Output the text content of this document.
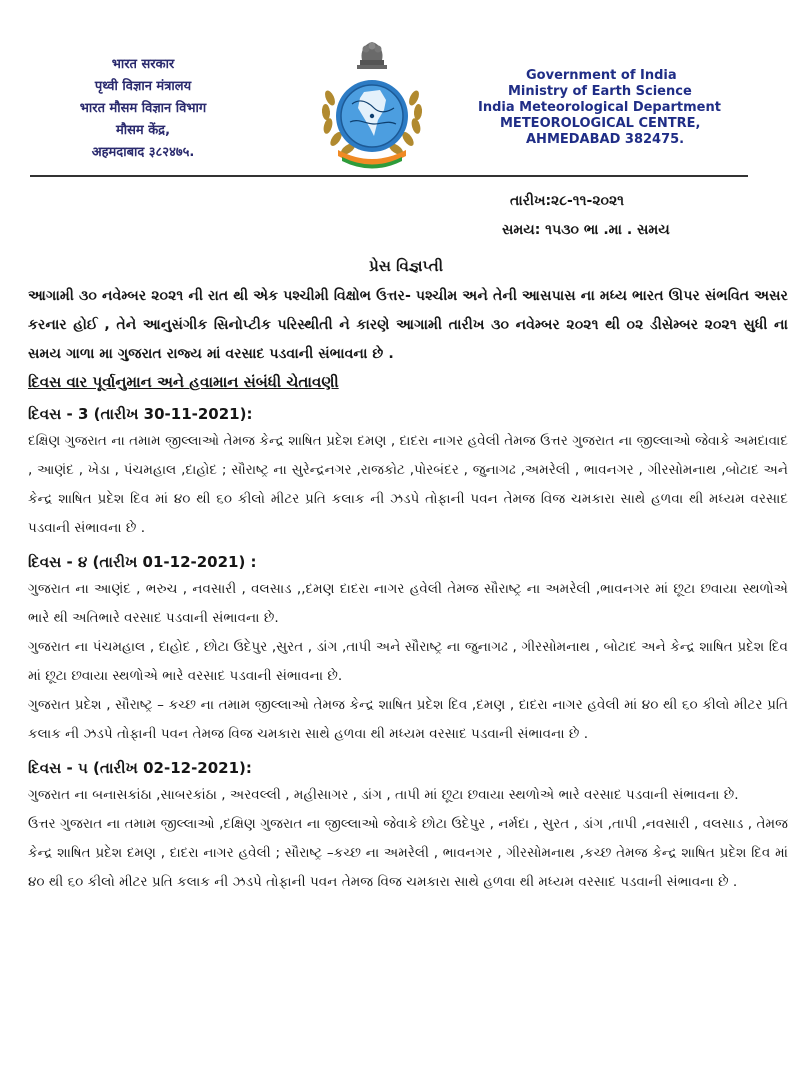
भारत सरकार
पृथ्वी विज्ञान मंत्रालय
भारत मौसम विज्ञान विभाग
मौसम केंद्र,
अहमदाबाद ३८२४७५.
Government of India
Ministry of Earth Science
India Meteorological Department
METEOROLOGICAL CENTRE,
AHMEDABAD 382475.
તારીખ:૨૮-૧૧-૨૦૨૧
સમય: ૧૫૩૦ ભા .મા . સમય
પ્રેસ વિજ્ઞપ્તી

આગામી ૩૦ નવેમ્બર ૨૦૨૧ ની રાત થી એક પશ્ચીમી વિક્ષોભ ઉત્તર- પશ્ચીમ અને તેની આસપાસ ના મધ્ય ભારત ઊપર સંભવિત અસર કરનાર હોઈ , તેને આનુસંગીક સિનોપ્ટીક પરિસ્થીતી ને કારણે આગામી તારીખ ૩૦ નવેમ્બર ૨૦૨૧ થી ૦૨ ડીસેમ્બર ૨૦૨૧ સુધી ના સમય ગાળા મા ગુજરાત રાજ્ય માં વરસાદ પડવાની સંભાવના છે .

દિવસ વાર પૂર્વાનુમાન અને હવામાન સંબંધી ચેતાવણી

દિવસ - 3 (તારીખ 30-11-2021):

દક્ષિણ ગુજરાત ના તમામ જીલ્લાઓ તેમજ કેન્દ્ર શાષિત પ્રદેશ દમણ , દાદરા નાગર હવેલી તેમજ ઉત્તર ગુજરાત ના જીલ્લાઓ જેવાકે અમદાવાદ , આણંદ , ખેડા , પંચમહાલ ,દાહોદ ; સૌરાષ્ટ્ર ના સુરેન્દ્રનગર ,રાજકોટ ,પોરબંદર , જુનાગઢ ,અમરેલી , ભાવનગર , ગીરસોમનાથ ,બોટાદ અને કેન્દ્ર શાષિત પ્રદેશ દિવ માં ૪૦ થી ૬૦ કીલો મીટર પ્રતિ કલાક ની ઝડપે તોફાની પવન તેમજ વિજ ચમકારા સાથે હળવા થી મધ્યમ વરસાદ પડવાની સંભાવના છે .

દિવસ - ૪ (તારીખ 01-12-2021) :

ગુજરાત ના આણંદ , ભરુચ , નવસારી , વલસાડ ,,દમણ દાદરા નાગર હવેલી તેમજ સૌરાષ્ટ્ર ના અમરેલી ,ભાવનગર માં છૂટા છવાયા સ્થળોએ ભારે થી અતિભારે વરસાદ પડવાની સંભાવના છે.

ગુજરાત ના પંચમહાલ , દાહોદ , છોટા ઉદેપુર ,સુરત , ડાંગ ,તાપી અને સૌરાષ્ટ્ર ના જુનાગઢ , ગીરસોમનાથ , બોટાદ અને કેન્દ્ર શાષિત પ્રદેશ દિવ માં છૂટા છવાયા સ્થળોએ ભારે વરસાદ પડવાની સંભાવના છે.

ગુજરાત પ્રદેશ , સૌરાષ્ટ્ર – કચ્છ ના તમામ જીલ્લાઓ તેમજ કેન્દ્ર શાષિત પ્રદેશ દિવ ,દમણ , દાદરા નાગર હવેલી માં ૪૦ થી ૬૦ કીલો મીટર પ્રતિ કલાક ની ઝડપે તોફાની પવન તેમજ વિજ ચમકારા સાથે હળવા થી મધ્યમ વરસાદ પડવાની સંભાવના છે .

દિવસ - ૫ (તારીખ 02-12-2021):

ગુજરાત ના બનાસકાંઠા ,સાબરકાંઠા , અરવલ્લી , મહીસાગર , ડાંગ , તાપી માં છૂટા છવાયા સ્થળોએ ભારે વરસાદ પડવાની સંભાવના છે.

ઉત્તર ગુજરાત ના તમામ જીલ્લાઓ ,દક્ષિણ ગુજરાત ના જીલ્લાઓ જેવાકે છોટા ઉદેપુર , નર્મદા , સુરત , ડાંગ ,તાપી ,નવસારી , વલસાડ , તેમજ કેન્દ્ર શાષિત પ્રદેશ દમણ , દાદરા નાગર હવેલી ; સૌરાષ્ટ્ર –કચ્છ ના અમરેલી , ભાવનગર , ગીરસોમનાથ ,કચ્છ તેમજ કેન્દ્ર શાષિત પ્રદેશ દિવ માં ૪૦ થી ૬૦ કીલો મીટર પ્રતિ કલાક ની ઝડપે તોફાની પવન તેમજ વિજ ચમકારા સાથે હળવા થી મધ્યમ વરસાદ પડવાની સંભાવના છે .
